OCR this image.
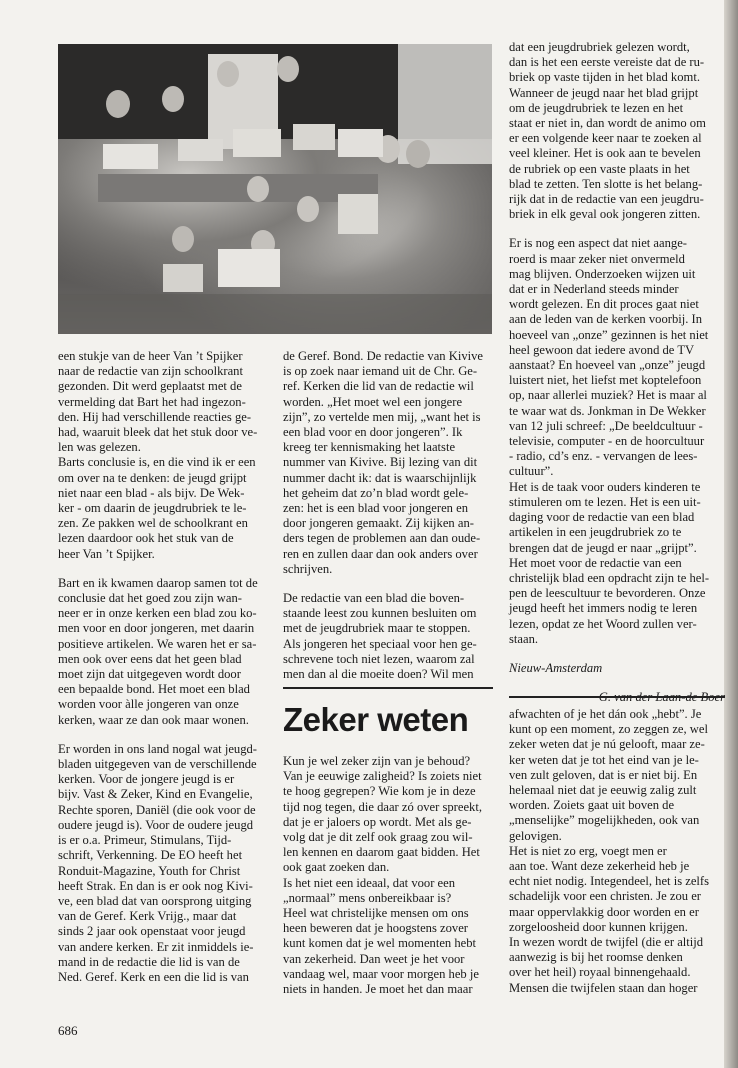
een stukje van de heer Van ’t Spijker
naar de redactie van zijn schoolkrant
gezonden. Dit werd geplaatst met de
vermelding dat Bart het had ingezon-
den. Hij had verschillende reacties ge-
had, waaruit bleek dat het stuk door ve-
len was gelezen.
Barts conclusie is, en die vind ik er een
om over na te denken: de jeugd grijpt
niet naar een blad - als bijv. De Wek-
ker - om daarin de jeugdrubriek te le-
zen. Ze pakken wel de schoolkrant en
lezen daardoor ook het stuk van de
heer Van ’t Spijker.

Bart en ik kwamen daarop samen tot de
conclusie dat het goed zou zijn wan-
neer er in onze kerken een blad zou ko-
men voor en door jongeren, met daarin
positieve artikelen. We waren het er sa-
men ook over eens dat het geen blad
moet zijn dat uitgegeven wordt door
een bepaalde bond. Het moet een blad
worden voor àlle jongeren van onze
kerken, waar ze dan ook maar wonen.

Er worden in ons land nogal wat jeugd-
bladen uitgegeven van de verschillende
kerken. Voor de jongere jeugd is er
bijv. Vast & Zeker, Kind en Evangelie,
Rechte sporen, Daniël (die ook voor de
oudere jeugd is). Voor de oudere jeugd
is er o.a. Primeur, Stimulans, Tijd-
schrift, Verkenning. De EO heeft het
Ronduit-Magazine, Youth for Christ
heeft Strak. En dan is er ook nog Kivi-
ve, een blad dat van oorsprong uitging
van de Geref. Kerk Vrijg., maar dat
sinds 2 jaar ook openstaat voor jeugd
van andere kerken. Er zit inmiddels ie-
mand in de redactie die lid is van de
Ned. Geref. Kerk en een die lid is van

de Geref. Bond. De redactie van Kivive
is op zoek naar iemand uit de Chr. Ge-
ref. Kerken die lid van de redactie wil
worden. „Het moet wel een jongere
zijn”, zo vertelde men mij, „want het is
een blad voor en door jongeren”. Ik
kreeg ter kennismaking het laatste
nummer van Kivive. Bij lezing van dit
nummer dacht ik: dat is waarschijnlijk
het geheim dat zo’n blad wordt gele-
zen: het is een blad voor jongeren en
door jongeren gemaakt. Zij kijken an-
ders tegen de problemen aan dan oude-
ren en zullen daar dan ook anders over
schrijven.

De redactie van een blad die boven-
staande leest zou kunnen besluiten om
met de jeugdrubriek maar te stoppen.
Als jongeren het speciaal voor hen ge-
schrevene toch niet lezen, waarom zal
men dan al die moeite doen? Wil men

dat een jeugdrubriek gelezen wordt,
dan is het een eerste vereiste dat de ru-
briek op vaste tijden in het blad komt.
Wanneer de jeugd naar het blad grijpt
om de jeugdrubriek te lezen en het
staat er niet in, dan wordt de animo om
er een volgende keer naar te zoeken al
veel kleiner. Het is ook aan te bevelen
de rubriek op een vaste plaats in het
blad te zetten. Ten slotte is het belang-
rijk dat in de redactie van een jeugdru-
briek in elk geval ook jongeren zitten.

Er is nog een aspect dat niet aange-
roerd is maar zeker niet onvermeld
mag blijven. Onderzoeken wijzen uit
dat er in Nederland steeds minder
wordt gelezen. En dit proces gaat niet
aan de leden van de kerken voorbij. In
hoeveel van „onze” gezinnen is het niet
heel gewoon dat iedere avond de TV
aanstaat? En hoeveel van „onze” jeugd
luistert niet, het liefst met koptelefoon
op, naar allerlei muziek? Het is maar al
te waar wat ds. Jonkman in De Wekker
van 12 juli schreef: „De beeldcultuur -
televisie, computer - en de hoorcultuur
- radio, cd’s enz. - vervangen de lees-
cultuur”.
Het is de taak voor ouders kinderen te
stimuleren om te lezen. Het is een uit-
daging voor de redactie van een blad
artikelen in een jeugdrubriek zo te
brengen dat de jeugd er naar „grijpt”.
Het moet voor de redactie van een
christelijk blad een opdracht zijn te hel-
pen de leescultuur te bevorderen. Onze
jeugd heeft het immers nodig te leren
lezen, opdat ze het Woord zullen ver-
staan.

Nieuw-Amsterdam

Zeker weten

Kun je wel zeker zijn van je behoud?
Van je eeuwige zaligheid? Is zoiets niet
te hoog gegrepen? Wie kom je in deze
tijd nog tegen, die daar zó over spreekt,
dat je er jaloers op wordt. Met als ge-
volg dat je dit zelf ook graag zou wil-
len kennen en daarom gaat bidden. Het
ook gaat zoeken dan.
Is het niet een ideaal, dat voor een
„normaal” mens onbereikbaar is?
Heel wat christelijke mensen om ons
heen beweren dat je hoogstens zover
kunt komen dat je wel momenten hebt
van zekerheid. Dan weet je het voor
vandaag wel, maar voor morgen heb je
niets in handen. Je moet het dan maar

afwachten of je het dán ook „hebt”. Je
kunt op een moment, zo zeggen ze, wel
zeker weten dat je nú gelooft, maar ze-
ker weten dat je tot het eind van je le-
ven zult geloven, dat is er niet bij. En
helemaal niet dat je eeuwig zalig zult
worden. Zoiets gaat uit boven de
„menselijke” mogelijkheden, ook van
gelovigen.
Het is niet zo erg, voegt men er
aan toe. Want deze zekerheid heb je
echt niet nodig. Integendeel, het is zelfs
schadelijk voor een christen. Je zou er
maar oppervlakkig door worden en er
zorgeloosheid door kunnen krijgen.
In wezen wordt de twijfel (die er altijd
aanwezig is bij het roomse denken
over het heil) royaal binnengehaald.
Mensen die twijfelen staan dan hoger

686
